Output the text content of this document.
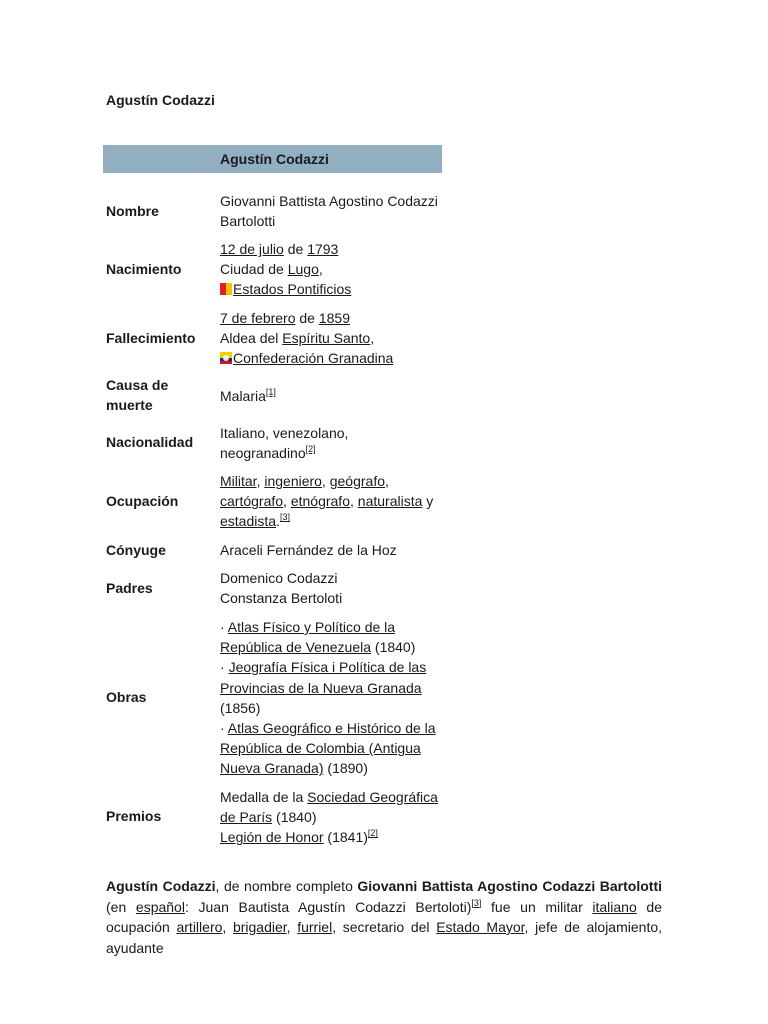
Agustín Codazzi
Agustín Codazzi
Nombre
Giovanni Battista Agostino Codazzi
Bartolotti
Nacimiento
12 de julio de 1793
Ciudad de Lugo,
Estados Pontificios
Fallecimiento
7 de febrero de 1859
Aldea del Espíritu Santo,
Confederación Granadina
Causa de
muerte
Malaria[1]
Nacionalidad
Italiano, venezolano,
neogranadino[2]
Ocupación
Militar, ingeniero, geógrafo,
cartógrafo, etnógrafo, naturalista y
estadista.[3]
Cónyuge	Araceli Fernández de la Hoz
Padres
Domenico Codazzi
Constanza Bertoloti
Obras
· Atlas Físico y Político de la República de Venezuela (1840)
· Jeografía Física i Política de las Provincias de la Nueva Granada (1856)
· Atlas Geográfico e Histórico de la República de Colombia (Antigua Nueva Granada) (1890)
Premios
Medalla de la Sociedad Geográfica de París (1840)
Legión de Honor (1841)[2]
Agustín Codazzi, de nombre completo Giovanni Battista Agostino Codazzi Bartolotti (en español: Juan Bautista Agustín Codazzi Bertoloti)[3] fue un militar italiano de ocupación artillero, brigadier, furriel, secretario del Estado Mayor, jefe de alojamiento, ayudante
